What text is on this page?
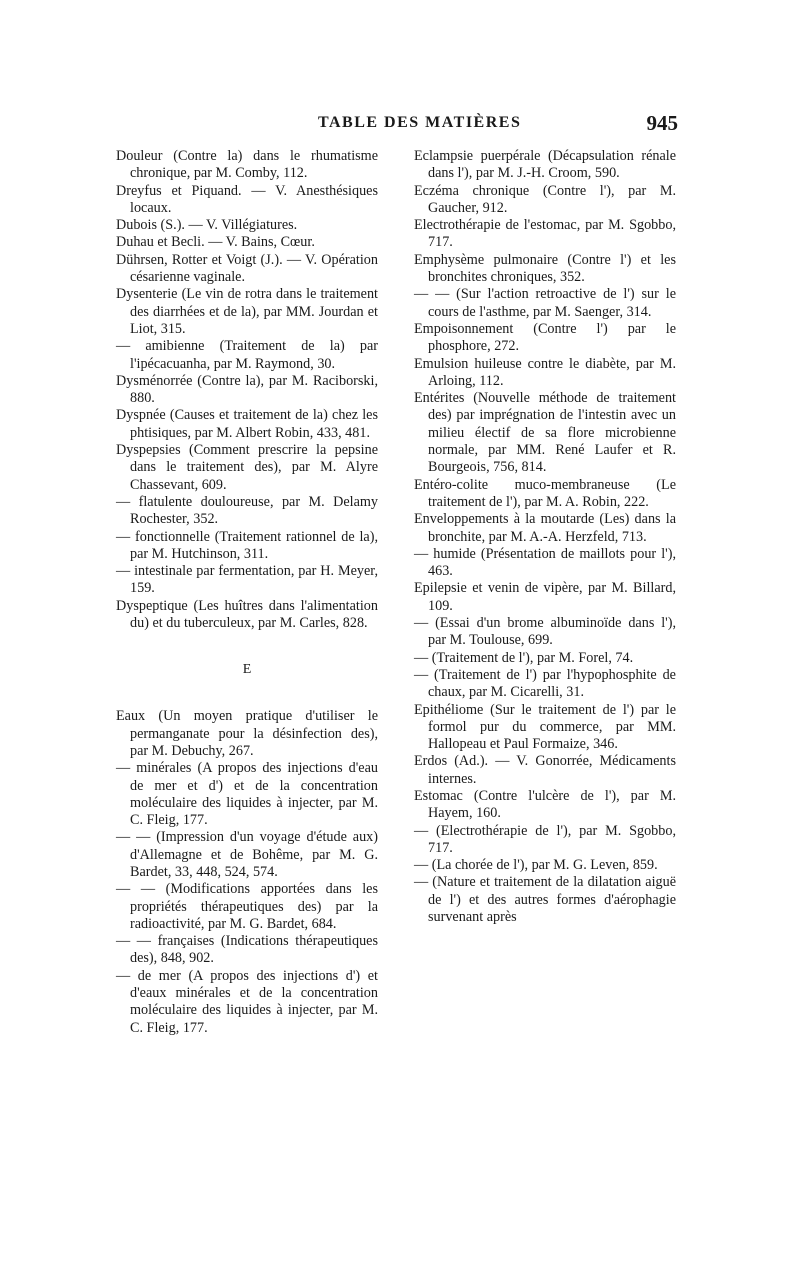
TABLE DES MATIÈRES	945

Douleur (Contre la) dans le rhumatisme chronique, par M. Comby, 112.

Dreyfus et Piquand. — V. Anesthésiques locaux.

Dubois (S.). — V. Villégiatures.

Duhau et Becli. — V. Bains, Cœur.

Dührsen, Rotter et Voigt (J.). — V. Opération césarienne vaginale.

Dysenterie (Le vin de rotra dans le traitement des diarrhées et de la), par MM. Jourdan et Liot, 315.

— amibienne (Traitement de la) par l'ipécacuanha, par M. Raymond, 30.

Dysménorrée (Contre la), par M. Raciborski, 880.

Dyspnée (Causes et traitement de la) chez les phtisiques, par M. Albert Robin, 433, 481.

Dyspepsies (Comment prescrire la pepsine dans le traitement des), par M. Alyre Chassevant, 609.

— flatulente douloureuse, par M. Delamy Rochester, 352.

— fonctionnelle (Traitement rationnel de la), par M. Hutchinson, 311.

— intestinale par fermentation, par H. Meyer, 159.

Dyspeptique (Les huîtres dans l'alimentation du) et du tuberculeux, par M. Carles, 828.

E

Eaux (Un moyen pratique d'utiliser le permanganate pour la désinfection des), par M. Debuchy, 267.

— minérales (A propos des injections d'eau de mer et d') et de la concentration moléculaire des liquides à injecter, par M. C. Fleig, 177.

— — (Impression d'un voyage d'étude aux) d'Allemagne et de Bohême, par M. G. Bardet, 33, 448, 524, 574.

— — (Modifications apportées dans les propriétés thérapeutiques des) par la radioactivité, par M. G. Bardet, 684.

— — françaises (Indications thérapeutiques des), 848, 902.

— de mer (A propos des injections d') et d'eaux minérales et de la concentration moléculaire des liquides à injecter, par M. C. Fleig, 177.

Eclampsie puerpérale (Décapsulation rénale dans l'), par M. J.-H. Croom, 590.

Eczéma chronique (Contre l'), par M. Gaucher, 912.

Electrothérapie de l'estomac, par M. Sgobbo, 717.

Emphysème pulmonaire (Contre l') et les bronchites chroniques, 352.

— — (Sur l'action retroactive de l') sur le cours de l'asthme, par M. Saenger, 314.

Empoisonnement (Contre l') par le phosphore, 272.

Emulsion huileuse contre le diabète, par M. Arloing, 112.

Entérites (Nouvelle méthode de traitement des) par imprégnation de l'intestin avec un milieu électif de sa flore microbienne normale, par MM. René Laufer et R. Bourgeois, 756, 814.

Entéro-colite muco-membraneuse (Le traitement de l'), par M. A. Robin, 222.

Enveloppements à la moutarde (Les) dans la bronchite, par M. A.-A. Herzfeld, 713.

— humide (Présentation de maillots pour l'), 463.

Epilepsie et venin de vipère, par M. Billard, 109.

— (Essai d'un brome albuminoïde dans l'), par M. Toulouse, 699.

— (Traitement de l'), par M. Forel, 74.

— (Traitement de l') par l'hypophosphite de chaux, par M. Cicarelli, 31.

Epithéliome (Sur le traitement de l') par le formol pur du commerce, par MM. Hallopeau et Paul Formaize, 346.

Erdos (Ad.). — V. Gonorrée, Médicaments internes.

Estomac (Contre l'ulcère de l'), par M. Hayem, 160.

— (Electrothérapie de l'), par M. Sgobbo, 717.

— (La chorée de l'), par M. G. Leven, 859.

— (Nature et traitement de la dilatation aiguë de l') et des autres formes d'aérophagie survenant après
